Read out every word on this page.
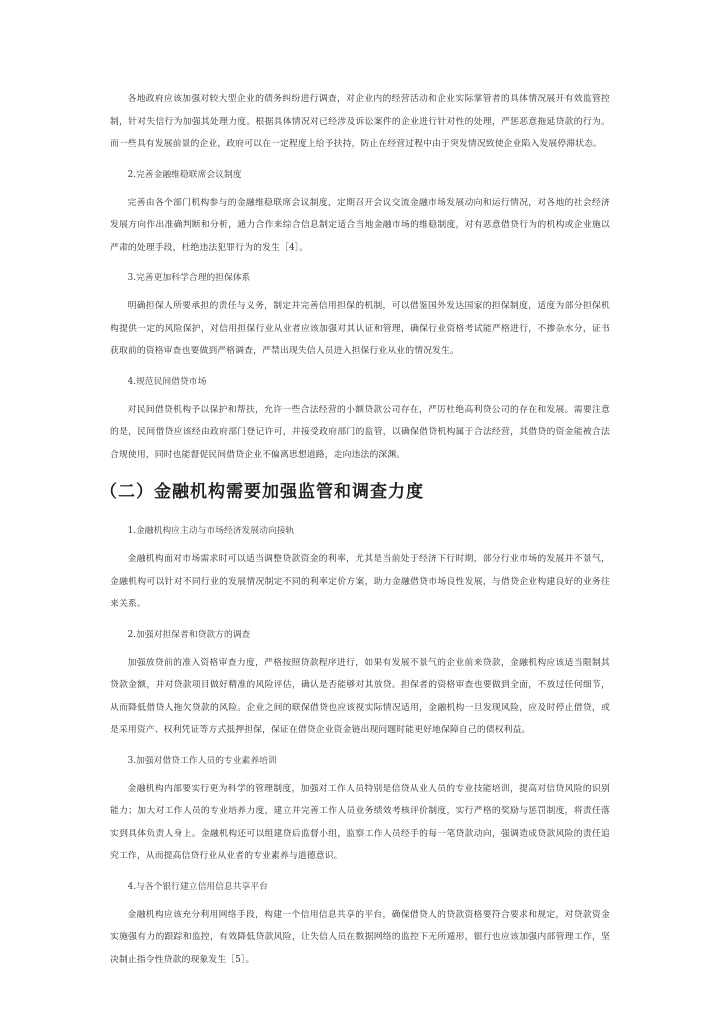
各地政府应该加强对较大型企业的债务纠纷进行调查，对企业内的经营活动和企业实际掌管者的具体情况展开有效监管控制，针对失信行为加强其处理力度。根据具体情况对已经涉及诉讼案件的企业进行针对性的处理，严惩恶意拖延贷款的行为。而一些具有发展前景的企业，政府可以在一定程度上给予扶持，防止在经营过程中由于突发情况致使企业陷入发展停滞状态。

2.完善金融维稳联席会议制度

完善由各个部门机构参与的金融维稳联席会议制度，定期召开会议交流金融市场发展动向和运行情况，对各地的社会经济发展方向作出准确判断和分析，通力合作来综合信息制定适合当地金融市场的维稳制度，对有恶意借贷行为的机构或企业施以严肃的处理手段，杜绝违法犯罪行为的发生［4］。

3.完善更加科学合理的担保体系

明确担保人所要承担的责任与义务，制定并完善信用担保的机制，可以借鉴国外发达国家的担保制度，适度为部分担保机构提供一定的风险保护，对信用担保行业从业者应该加强对其认证和管理，确保行业资格考试能严格进行，不掺杂水分，证书获取前的资格审查也要做到严格调查，严禁出现失信人员进入担保行业从业的情况发生。

4.规范民间借贷市场

对民间借贷机构予以保护和帮扶，允许一些合法经营的小额贷款公司存在，严厉杜绝高利贷公司的存在和发展。需要注意的是，民间借贷应该经由政府部门登记许可，并接受政府部门的监管，以确保借贷机构属于合法经营，其借贷的资金能被合法合规使用，同时也能督促民间借贷企业不偏离思想道路，走向违法的深渊。

（二）金融机构需要加强监管和调查力度
1.金融机构应主动与市场经济发展动向接轨

金融机构面对市场需求时可以适当调整贷款资金的利率，尤其是当前处于经济下行时期，部分行业市场的发展并不景气，金融机构可以针对不同行业的发展情况制定不同的利率定价方案，助力金融借贷市场良性发展，与借贷企业构建良好的业务往来关系。

2.加强对担保者和贷款方的调查

加强放贷前的准入资格审查力度，严格按照贷款程序进行，如果有发展不景气的企业前来贷款，金融机构应该适当限制其贷款金额，并对贷款项目做好精准的风险评估，确认是否能够对其放贷。担保者的资格审查也要做到全面，不放过任何细节，从而降低借贷人拖欠贷款的风险。企业之间的联保借贷也应该视实际情况适用，金融机构一旦发现风险，应及时停止借贷，或是采用资产、权利凭证等方式抵押担保，保证在借贷企业资金链出现问题时能更好地保障自己的债权利益。

3.加强对借贷工作人员的专业素养培训

金融机构内部要实行更为科学的管理制度，加强对工作人员特别是信贷从业人员的专业技能培训，提高对信贷风险的识别能力；加大对工作人员的专业培养力度，建立并完善工作人员业务绩效考核评价制度，实行严格的奖励与惩罚制度，将责任落实到具体负责人身上。金融机构还可以组建贷后监督小组，监察工作人员经手的每一笔贷款动向，强调造成贷款风险的责任追究工作，从而提高信贷行业从业者的专业素养与道德意识。

4.与各个银行建立信用信息共享平台

金融机构应该充分利用网络手段，构建一个信用信息共享的平台，确保借贷人的贷款资格要符合要求和规定，对贷款资金实施强有力的跟踪和监控，有效降低贷款风险，让失信人员在数据网络的监控下无所遁形，银行也应该加强内部管理工作，坚决制止指令性贷款的现象发生［5］。
